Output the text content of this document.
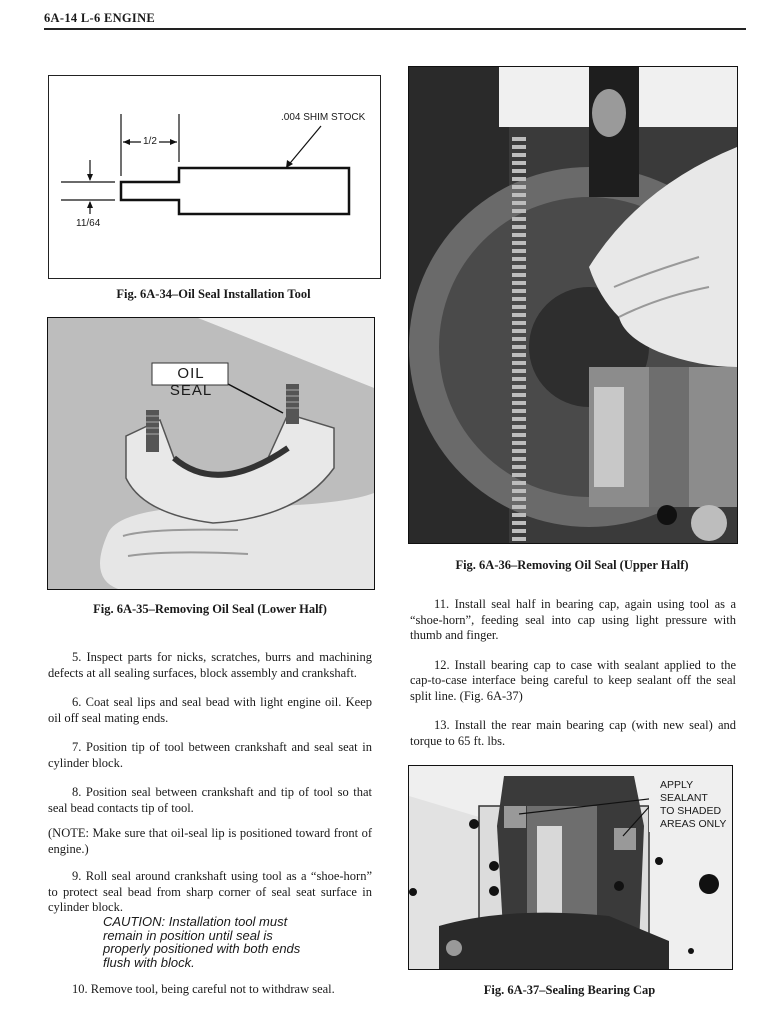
6A-14 L-6 ENGINE
1/2
.004 SHIM STOCK
11/64
Fig. 6A-34–Oil Seal Installation Tool
OIL SEAL
Fig. 6A-35–Removing Oil Seal (Lower Half)
Fig. 6A-36–Removing Oil Seal (Upper Half)

5. Inspect parts for nicks, scratches, burrs and machining defects at all sealing surfaces, block assembly and crankshaft.

6. Coat seal lips and seal bead with light engine oil. Keep oil off seal mating ends.

7. Position tip of tool between crankshaft and seal seat in cylinder block.

8. Position seal between crankshaft and tip of tool so that seal bead contacts tip of tool.

(NOTE: Make sure that oil-seal lip is positioned toward front of engine.)

9. Roll seal around crankshaft using tool as a “shoe-horn” to protect seal bead from sharp corner of seal seat surface in cylinder block.

CAUTION: Installation tool must
remain in position until seal is
properly positioned with both ends
flush with block.

10. Remove tool, being careful not to withdraw seal.

11. Install seal half in bearing cap, again using tool as a “shoe-horn”, feeding seal into cap using light pressure with thumb and finger.

12. Install bearing cap to case with sealant applied to the cap-to-case interface being careful to keep sealant off the seal split line. (Fig. 6A-37)

13. Install the rear main bearing cap (with new seal) and torque to 65 ft. lbs.

APPLY
SEALANT
TO SHADED
AREAS ONLY
Fig. 6A-37–Sealing Bearing Cap
